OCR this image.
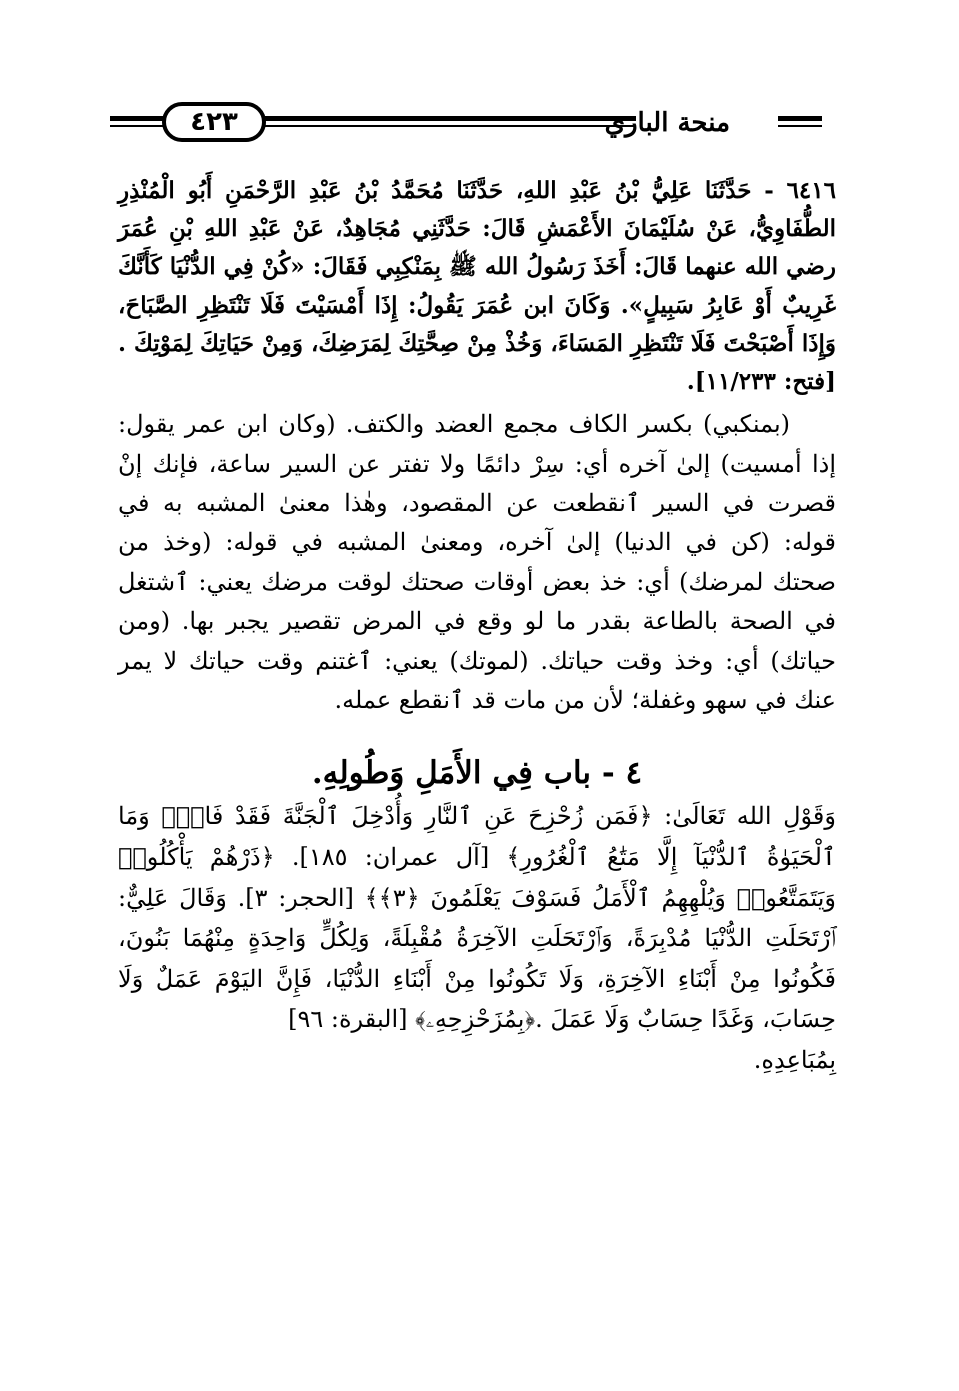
٤٢٣	منحة الباري

٦٤١٦ - حَدَّثَنَا عَلِيُّ بْنُ عَبْدِ اللهِ، حَدَّثَنَا مُحَمَّدُ بْنُ عَبْدِ الرَّحْمَنِ أَبُو الْمُنْذِرِ الطُّفَاوِيُّ، عَنْ سُلَيْمَانَ الأَعْمَشِ قَالَ: حَدَّثَنِي مُجَاهِدٌ، عَنْ عَبْدِ اللهِ بْنِ عُمَرَ رضي الله عنهما قَالَ: أَخَذَ رَسُولُ الله ﷺ بِمَنْكِبِي فَقَالَ: «كُنْ فِي الدُّنْيَا كَأَنَّكَ غَرِيبٌ أَوْ عَابِرُ سَبِيلٍ». وَكَانَ ابن عُمَرَ يَقُولُ: إِذَا أَمْسَيْتَ فَلَا تَنْتَظِرِ الصَّبَاحَ، وَإِذَا أَصْبَحْتَ فَلَا تَنْتَظِرِ المَسَاءَ، وَخُذْ مِنْ صِحَّتِكَ لِمَرَضِكَ، وَمِنْ حَيَاتِكَ لِمَوْتِكَ .[فتح: ١١/٢٣٣].

(بمنكبي) بكسر الكاف مجمع العضد والكتف. (وكان ابن عمر يقول: إذا أمسيت) إلىٰ آخره أي: سِرْ دائمًا ولا تفتر عن السير ساعة، فإنك إنْ قصرت في السير ٱنقطعت عن المقصود، وهٰذا معنىٰ المشبه به في قوله: (كن في الدنيا) إلىٰ آخره، ومعنىٰ المشبه في قوله: (وخذ من صحتك لمرضك) أي: خذ بعض أوقات صحتك لوقت مرضك يعني: ٱشتغل في الصحة بالطاعة بقدر ما لو وقع في المرض تقصير يجبر بها. (ومن حياتك) أي: وخذ وقت حياتك. (لموتك) يعني: ٱغتنم وقت حياتك لا يمر عنك في سهو وغفلة؛ لأن من مات قد ٱنقطع عمله.

٤ - باب فِي الأَمَلِ وَطُولِهِ.

وَقَوْلِ الله تَعَالَىٰ: ﴿فَمَن زُحْزِحَ عَنِ ٱلنَّارِ وَأُدْخِلَ ٱلْجَنَّةَ فَقَدْ فَازَۗ وَمَا ٱلْحَيَوٰةُ ٱلدُّنْيَآ إِلَّا مَتَٰعُ ٱلْغُرُورِ﴾ [آل عمران: ١٨٥]. ﴿ذَرْهُمْ يَأْكُلُوا۟ وَيَتَمَتَّعُوا۟ وَيُلْهِهِمُ ٱلْأَمَلُ فَسَوْفَ يَعْلَمُونَ ﴿٣﴾﴾ [الحجر: ٣]. وَقَالَ عَلِيٌّ: ٱرْتَحَلَتِ الدُّنْيَا مُدْبِرَةً، وَٱرْتَحَلَتِ الآخِرَةُ مُقْبِلَةً، وَلِكُلٍّ وَاحِدَةٍ مِنْهُمَا بَنُونَ، فَكُونُوا مِنْ أَبْنَاءِ الآخِرَةِ، وَلَا تَكُونُوا مِنْ أَبْنَاءِ الدُّنْيَا، فَإِنَّ اليَوْمَ عَمَلٌ وَلَا حِسَابَ، وَغَدًا حِسَابٌ وَلَا عَمَلَ .﴿بِمُزَحْزِحِهِۦ﴾ [البقرة: ٩٦]

بِمُبَاعِدِهِ.
